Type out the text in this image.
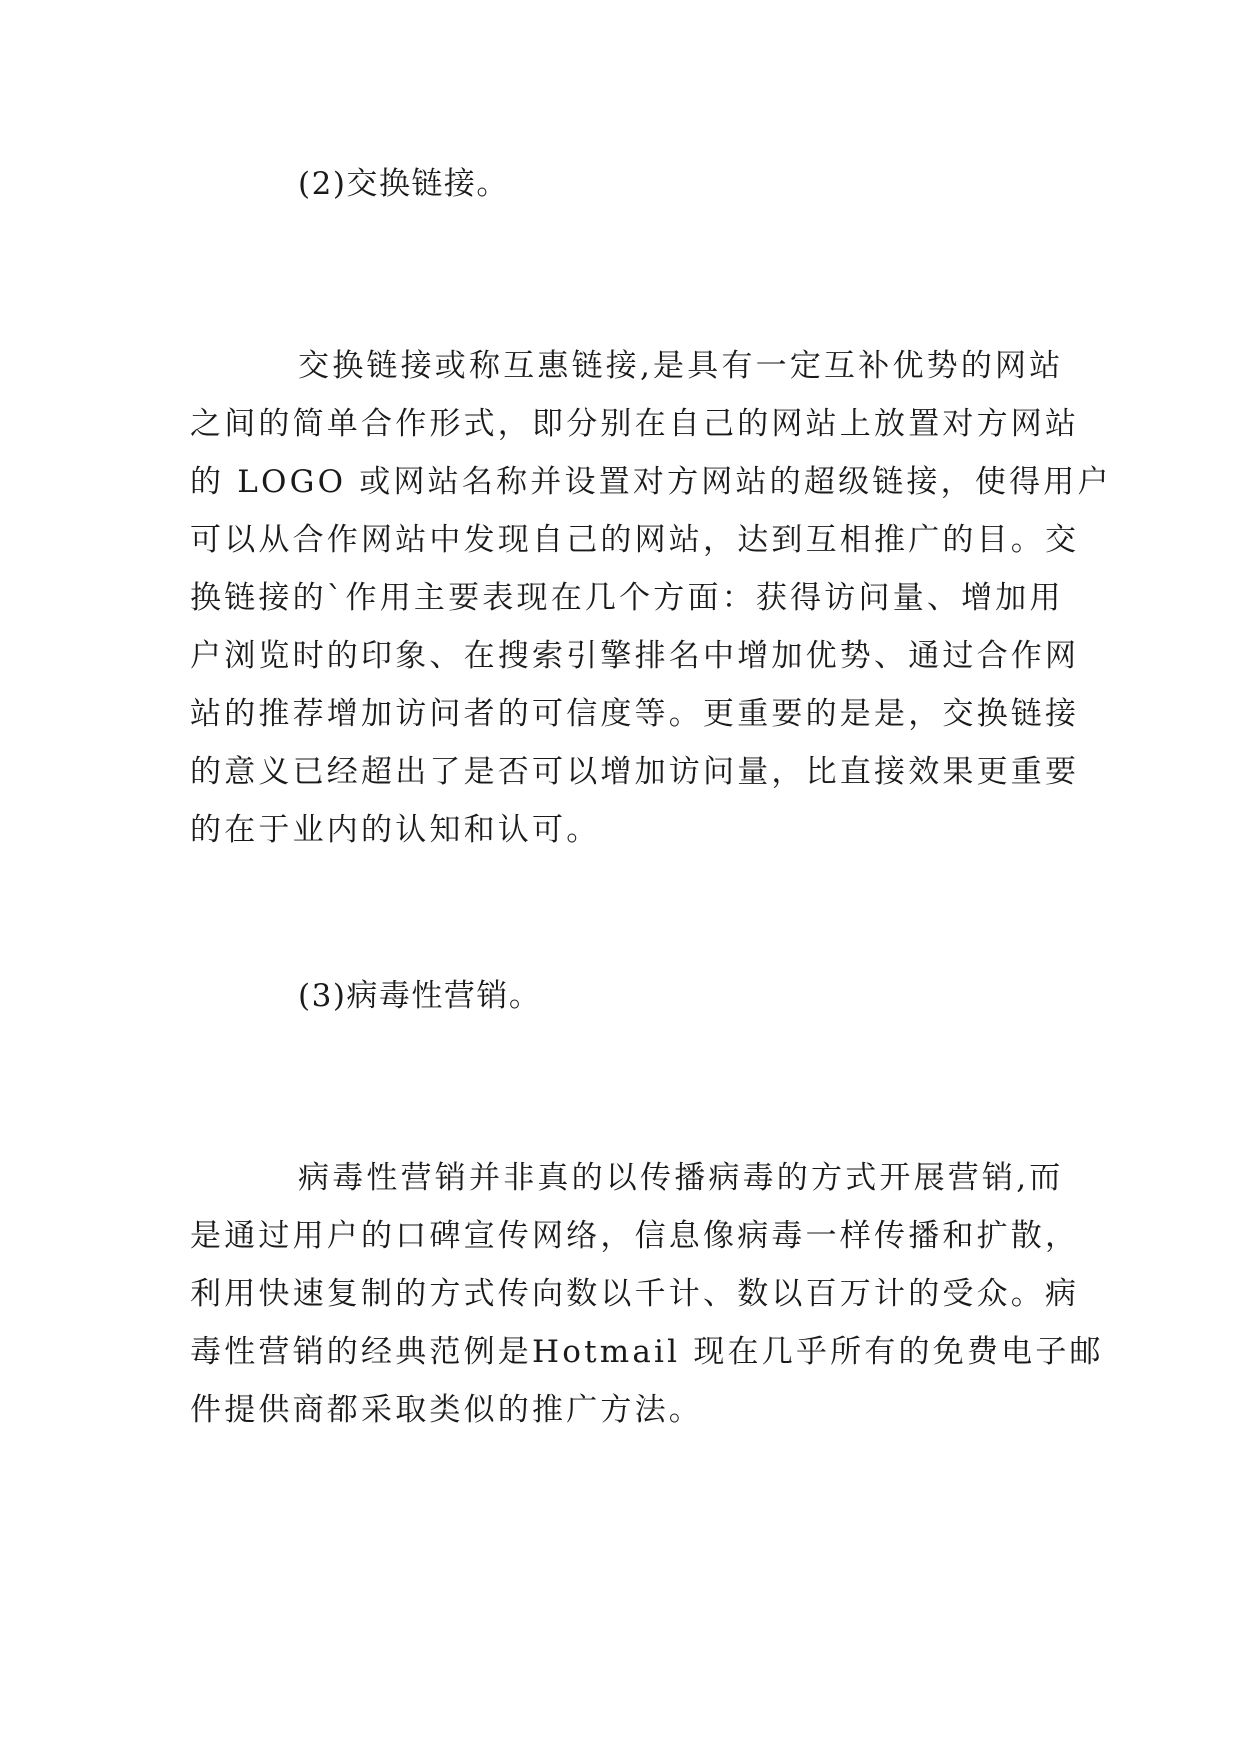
(2)交换链接。
交换链接或称互惠链接,是具有一定互补优势的网站
之间的简单合作形式，即分别在自己的网站上放置对方网站
的 LOGO 或网站名称并设置对方网站的超级链接，使得用户
可以从合作网站中发现自己的网站，达到互相推广的目。交
换链接的`作用主要表现在几个方面：获得访问量、增加用
户浏览时的印象、在搜索引擎排名中增加优势、通过合作网
站的推荐增加访问者的可信度等。更重要的是是，交换链接
的意义已经超出了是否可以增加访问量，比直接效果更重要
的在于业内的认知和认可。
(3)病毒性营销。
病毒性营销并非真的以传播病毒的方式开展营销,而
是通过用户的口碑宣传网络，信息像病毒一样传播和扩散，
利用快速复制的方式传向数以千计、数以百万计的受众。病
毒性营销的经典范例是Hotmail 现在几乎所有的免费电子邮
件提供商都采取类似的推广方法。
